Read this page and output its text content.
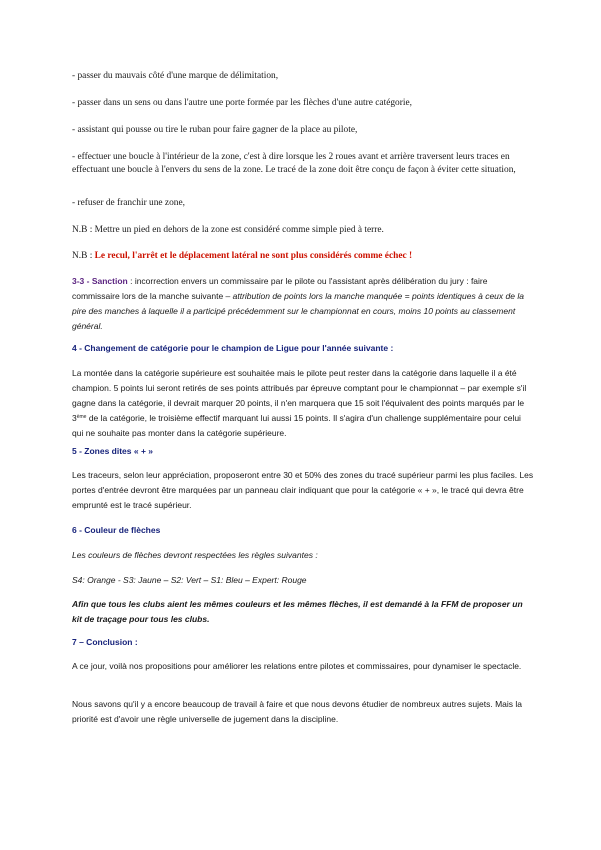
- passer du mauvais côté d'une marque de délimitation,

- passer dans un sens ou dans l'autre une porte formée par les flèches d'une autre catégorie,

- assistant qui pousse ou tire le ruban pour faire gagner de la place au pilote,

- effectuer une boucle à l'intérieur de la zone, c'est à dire lorsque les 2 roues avant et arrière traversent leurs traces en effectuant une boucle à l'envers du sens de la zone. Le tracé de la zone doit être conçu de façon à éviter cette situation,

- refuser de franchir une zone,

N.B : Mettre un pied en dehors de la zone est considéré comme simple pied à terre.

N.B : Le recul, l'arrêt et le déplacement latéral ne sont plus considérés comme échec !

3-3 - Sanction : incorrection envers un commissaire par le pilote ou l'assistant après délibération du jury : faire commissaire lors de la manche suivante – attribution de points lors la manche manquée = points identiques à ceux de la pire des manches à laquelle il a participé précédemment sur le championnat en cours, moins 10 points au classement général.

4 - Changement de catégorie pour le champion de Ligue pour l'année suivante :

La montée dans la catégorie supérieure est souhaitée mais le pilote peut rester dans la catégorie dans laquelle il a été champion. 5 points lui seront retirés de ses points attribués par épreuve comptant pour le championnat – par exemple s'il gagne dans la catégorie, il devrait marquer 20 points, il n'en marquera que 15 soit l'équivalent des points marqués par le 3ème de la catégorie, le troisième effectif marquant lui aussi 15 points. Il s'agira d'un challenge supplémentaire pour celui qui ne souhaite pas monter dans la catégorie supérieure.

5 - Zones dites « + »

Les traceurs, selon leur appréciation, proposeront entre 30 et 50% des zones du tracé supérieur parmi les plus faciles. Les portes d'entrée devront être marquées par un panneau clair indiquant que pour la catégorie « + », le tracé qui devra être emprunté est le tracé supérieur.

6 - Couleur de flèches

Les couleurs de flèches devront respectées les règles suivantes :

S4: Orange - S3: Jaune – S2: Vert – S1: Bleu – Expert: Rouge

Afin que tous les clubs aient les mêmes couleurs et les mêmes flèches, il est demandé à la FFM de proposer un kit de traçage pour tous les clubs.

7 – Conclusion :

A ce jour, voilà nos propositions pour améliorer les relations entre pilotes et commissaires, pour dynamiser le spectacle.

Nous savons qu'il y a encore beaucoup de travail à faire et que nous devons étudier de nombreux autres sujets. Mais la priorité est d'avoir une règle universelle de jugement dans la discipline.
